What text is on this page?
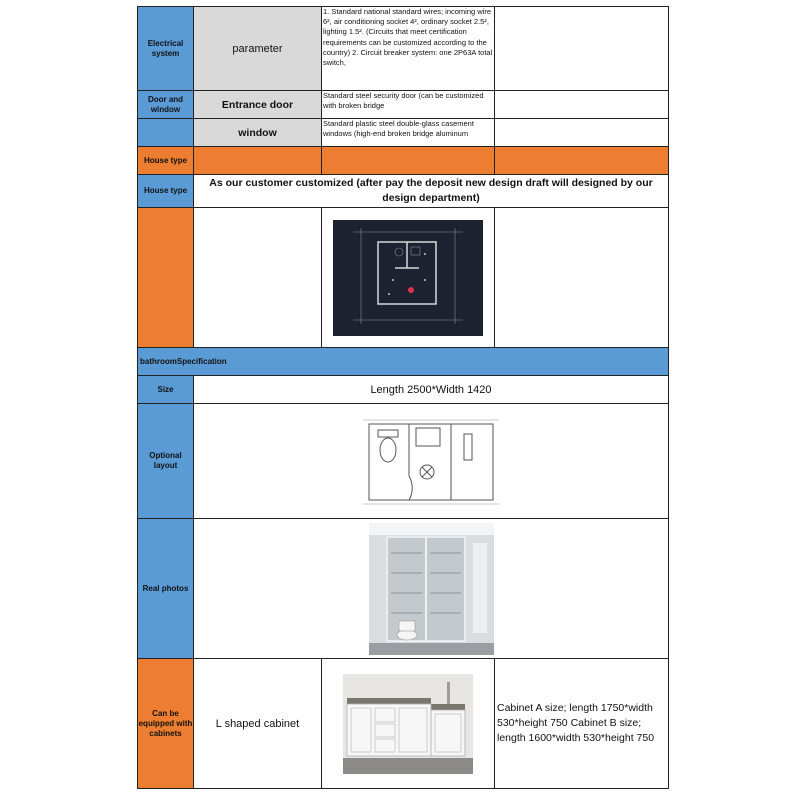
Electrical system	parameter	1. Standard national standard wires; incoming wire 6², air conditioning socket 4², ordinary socket 2.5², lighting 1.5². (Circuits that meet certification requirements can be customized according to the country) 2. Circuit breaker system: one 2P63A total switch,	
Door and window	Entrance door	Standard steel security door (can be customized with broken bridge	
	window	Standard plastic steel double-glass casement windows (high-end broken bridge aluminum	
House type			
House type	As our customer customized (after pay the deposit new design draft will designed by our design department)		

bathroomSpecification			
Size	Length 2500*Width 1420		
Optional layout	

Real photos	

Can be equipped with cabinets	L shaped cabinet		Cabinet A size; length 1750*width 530*height 750 Cabinet B size; length 1600*width 530*height 750
